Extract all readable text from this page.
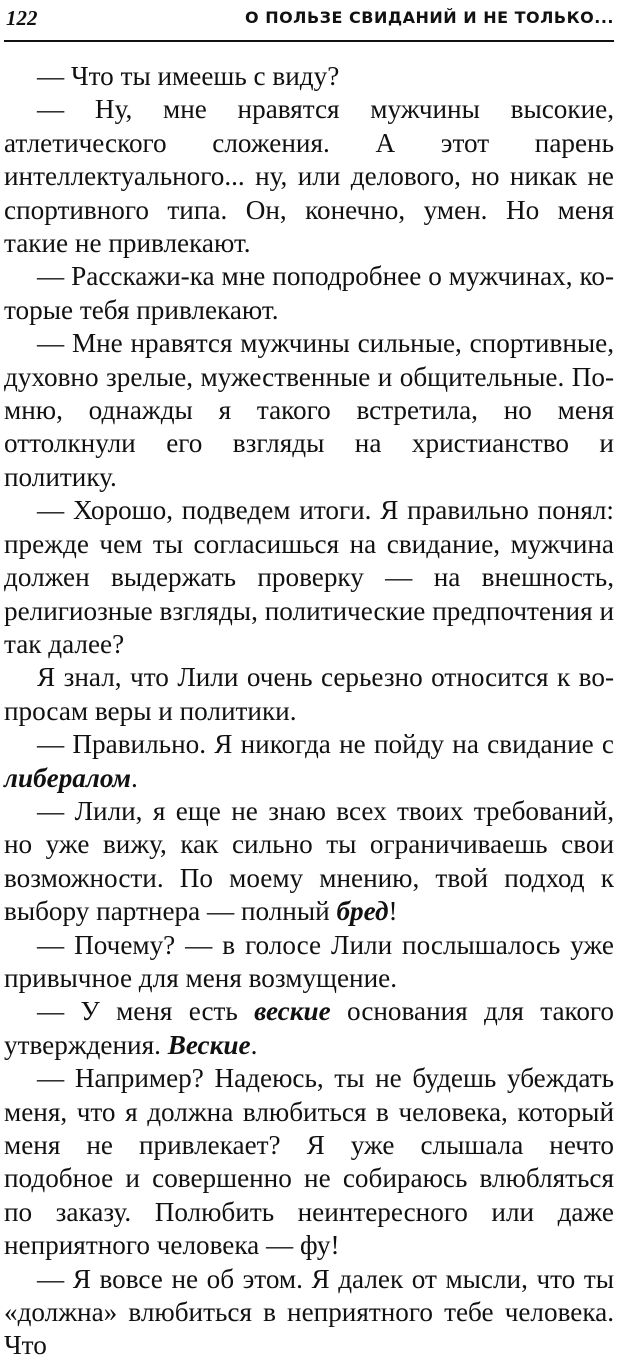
122	О ПОЛЬЗЕ СВИДАНИЙ И НЕ ТОЛЬКО...

— Что ты имеешь с виду?

— Ну, мне нравятся мужчины высокие, атлетического сложения. А этот парень интеллектуального... ну, или делового, но никак не спортивного типа. Он, конечно, умен. Но меня такие не привлекают.

— Расскажи-ка мне поподробнее о мужчинах, которые тебя привлекают.

— Мне нравятся мужчины сильные, спортивные, духовно зрелые, мужественные и общительные. Помню, однажды я такого встретила, но меня оттолкнули его взгляды на христианство и политику.

— Хорошо, подведем итоги. Я правильно понял: прежде чем ты согласишься на свидание, мужчина должен выдержать проверку — на внешность, религиозные взгляды, политические предпочтения и так далее?

Я знал, что Лили очень серьезно относится к вопросам веры и политики.

— Правильно. Я никогда не пойду на свидание с либералом.

— Лили, я еще не знаю всех твоих требований, но уже вижу, как сильно ты ограничиваешь свои возможности. По моему мнению, твой подход к выбору партнера — полный бред!

— Почему? — в голосе Лили послышалось уже привычное для меня возмущение.

— У меня есть веские основания для такого утверждения. Веские.

— Например? Надеюсь, ты не будешь убеждать меня, что я должна влюбиться в человека, который меня не привлекает? Я уже слышала нечто подобное и совершенно не собираюсь влюбляться по заказу. Полюбить неинтересного или даже неприятного человека — фу!

— Я вовсе не об этом. Я далек от мысли, что ты «должна» влюбиться в неприятного тебе человека. Что
